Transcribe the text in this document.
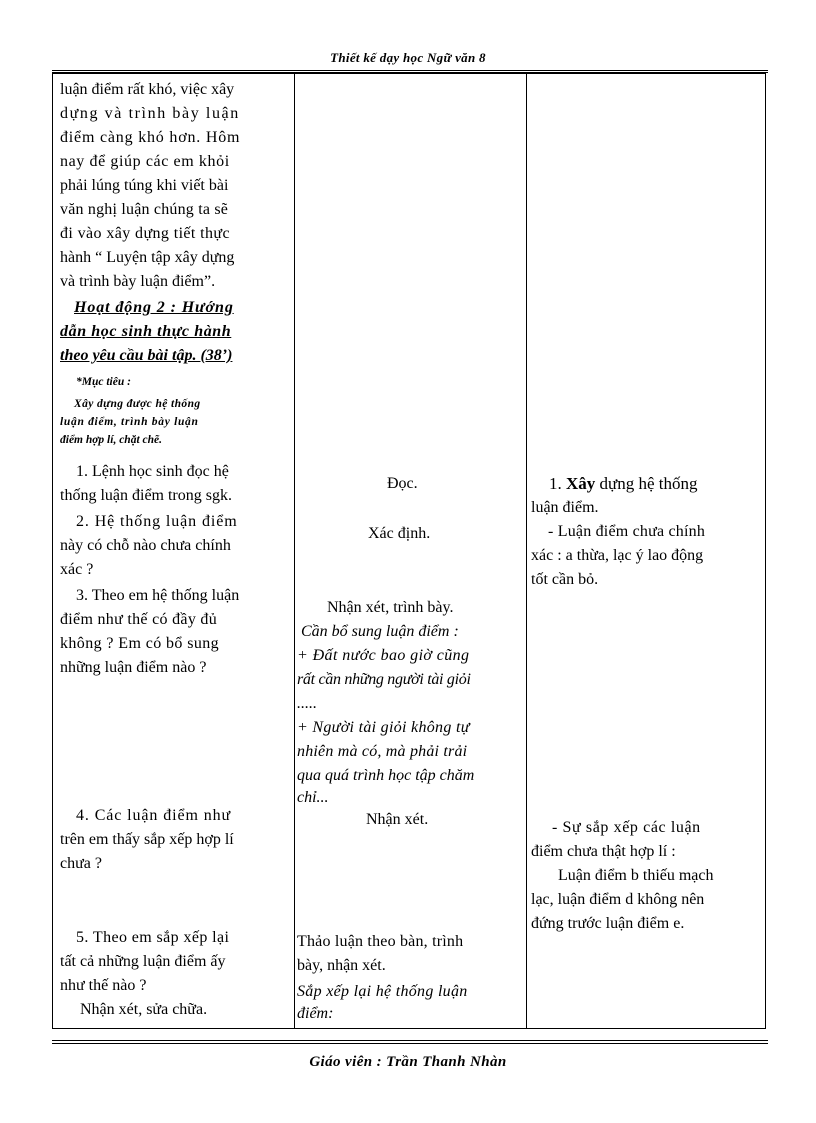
Thiết kế dạy học Ngữ văn 8
luận điểm rất khó, việc xây
dựng và trình bày luận
điểm càng khó hơn. Hôm
nay để giúp các em khỏi
phải lúng túng khi viết bài
văn nghị luận chúng ta sẽ
đi vào xây dựng tiết thực
hành “ Luyện tập xây dựng
và trình bày luận điểm”.
Hoạt động 2 : Hướng
dẫn học sinh thực hành
theo yêu cầu bài tập. (38’)
*Mục tiêu :
Xây dựng được hệ thống
luận điểm, trình bày luận
điểm hợp lí, chặt chẽ.
1. Lệnh học sinh đọc hệ
thống luận điểm trong sgk.
2. Hệ thống luận điểm
này có chỗ nào chưa chính
xác ?
3. Theo em hệ thống luận
điểm như thế có đầy đủ
không ? Em có bổ sung
những luận điểm nào ?
4. Các luận điểm như
trên em thấy sắp xếp hợp lí
chưa ?
5. Theo em sắp xếp lại
tất cả những luận điểm ấy
như thế nào ?
Nhận xét, sửa chữa.
Đọc.
Xác định.
Nhận xét, trình bày.
Cần bổ sung luận điểm :
+ Đất nước bao giờ cũng
rất cần những người tài giỏi
.....
+ Người tài giỏi không tự
nhiên mà có, mà phải trải
qua quá trình học tập chăm
chỉ...
Nhận xét.
Thảo luận theo bàn, trình
bày, nhận xét.
Sắp xếp lại hệ thống luận
điểm:
1. Xây dựng hệ thống
luận điểm.
- Luận điểm chưa chính
xác : a thừa, lạc ý lao động
tốt cần bỏ.
- Sự sắp xếp các luận
điểm chưa thật hợp lí :
Luận điểm b thiếu mạch
lạc, luận điểm d không nên
đứng trước luận điểm e.
Giáo viên : Trần Thanh Nhàn
